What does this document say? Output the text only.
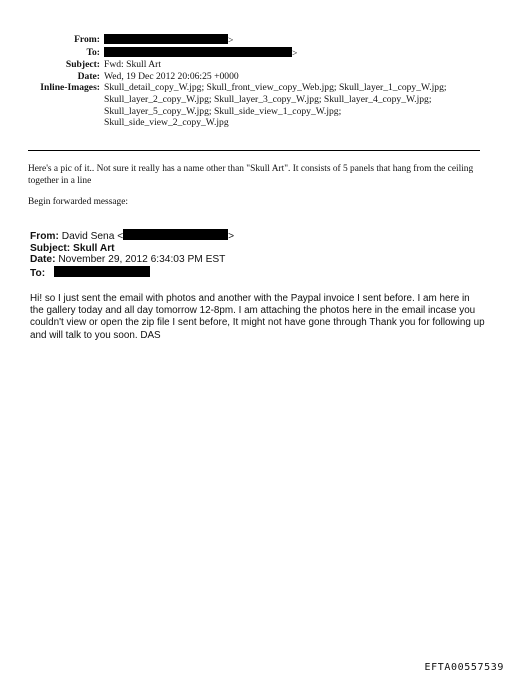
From:	>
To:	>
Subject: Fwd: Skull Art
Date: Wed, 19 Dec 2012 20:06:25 +0000
Inline-Images: Skull_detail_copy_W.jpg; Skull_front_view_copy_Web.jpg; Skull_layer_1_copy_W.jpg;
Skull_layer_2_copy_W.jpg; Skull_layer_3_copy_W.jpg; Skull_layer_4_copy_W.jpg;
Skull_layer_5_copy_W.jpg; Skull_side_view_1_copy_W.jpg;
Skull_side_view_2_copy_W.jpg
Here's a pic of it.. Not sure it really has a name other than "Skull Art". It consists of 5 panels that hang from the ceiling together in a line
Begin forwarded message:
From: David Sena <	>
Subject: Skull Art
Date: November 29, 2012 6:34:03 PM EST
To:
Hi! so I just sent the email with photos and another with the Paypal invoice I sent before. I am here in the gallery today and all day tomorrow 12-8pm. I am attaching the photos here in the email incase you couldn't view or open the zip file I sent before, It might not have gone through Thank you for following up and will talk to you soon. DAS
EFTA00557539
